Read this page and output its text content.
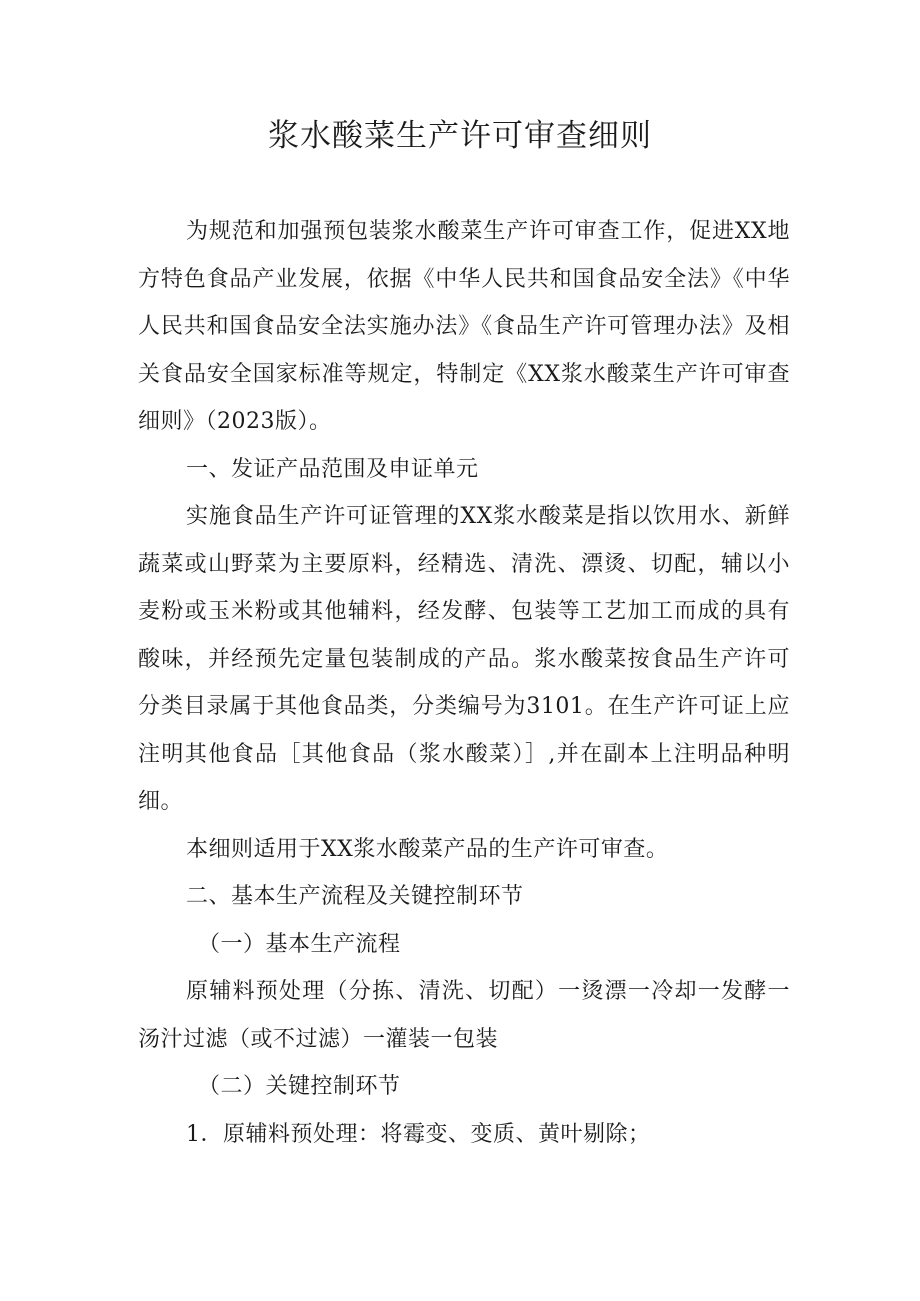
浆水酸菜生产许可审查细则

为规范和加强预包装浆水酸菜生产许可审查工作，促进XX地方特色食品产业发展，依据《中华人民共和国食品安全法》《中华人民共和国食品安全法实施办法》《食品生产许可管理办法》及相关食品安全国家标准等规定，特制定《XX浆水酸菜生产许可审查细则》（2023版）。

一、发证产品范围及申证单元

实施食品生产许可证管理的XX浆水酸菜是指以饮用水、新鲜蔬菜或山野菜为主要原料，经精选、清洗、漂烫、切配，辅以小麦粉或玉米粉或其他辅料，经发酵、包装等工艺加工而成的具有酸味，并经预先定量包装制成的产品。浆水酸菜按食品生产许可分类目录属于其他食品类，分类编号为3101。在生产许可证上应注明其他食品［其他食品（浆水酸菜）］,并在副本上注明品种明细。

本细则适用于XX浆水酸菜产品的生产许可审查。

二、基本生产流程及关键控制环节

（一）基本生产流程

原辅料预处理（分拣、清洗、切配）一烫漂一冷却一发酵一汤汁过滤（或不过滤）一灌装一包装

（二）关键控制环节

1．原辅料预处理：将霉变、变质、黄叶剔除；
